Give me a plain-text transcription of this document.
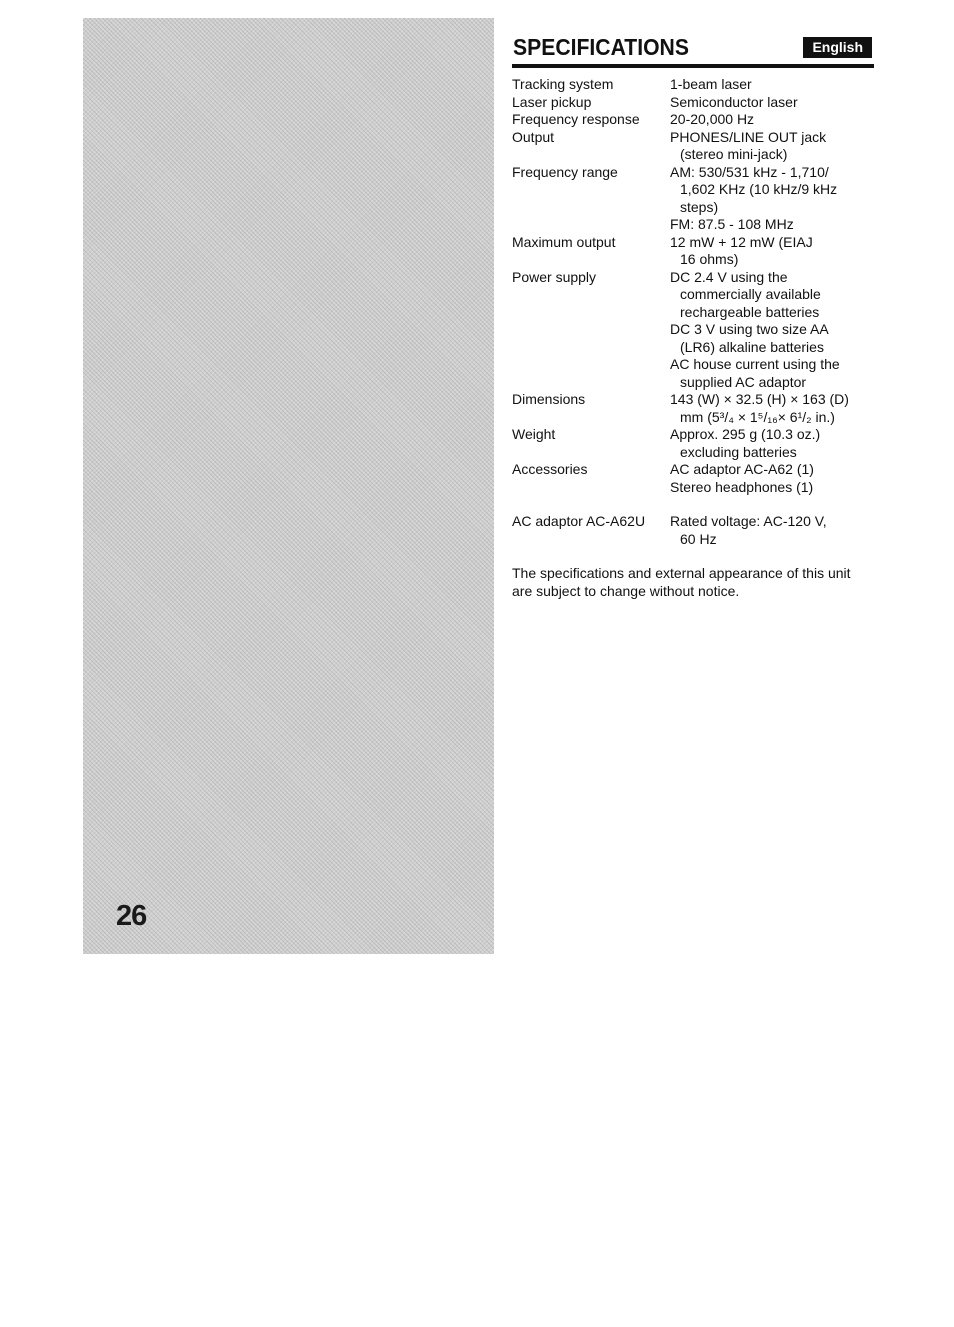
26
SPECIFICATIONS	English
Tracking system	1-beam laser
Laser pickup	Semiconductor laser
Frequency response	20-20,000 Hz
Output	PHONES/LINE OUT jack
(stereo mini-jack)
Frequency range	AM: 530/531 kHz - 1,710/
1,602 KHz (10 kHz/9 kHz
steps)
FM: 87.5 - 108 MHz
Maximum output	12 mW + 12 mW (EIAJ
16 ohms)
Power supply	DC 2.4 V using the
commercially available
rechargeable batteries
DC 3 V using two size AA
(LR6) alkaline batteries
AC house current using the
supplied AC adaptor
Dimensions	143 (W) × 32.5 (H) × 163 (D)
mm (5³/₄ × 1⁵/₁₆× 6¹/₂ in.)
Weight	Approx. 295 g (10.3 oz.)
excluding batteries
Accessories	AC adaptor AC-A62 (1)
Stereo headphones (1)
AC adaptor AC-A62U	Rated voltage: AC-120 V,
60 Hz
The specifications and external appearance of this unit
are subject to change without notice.
